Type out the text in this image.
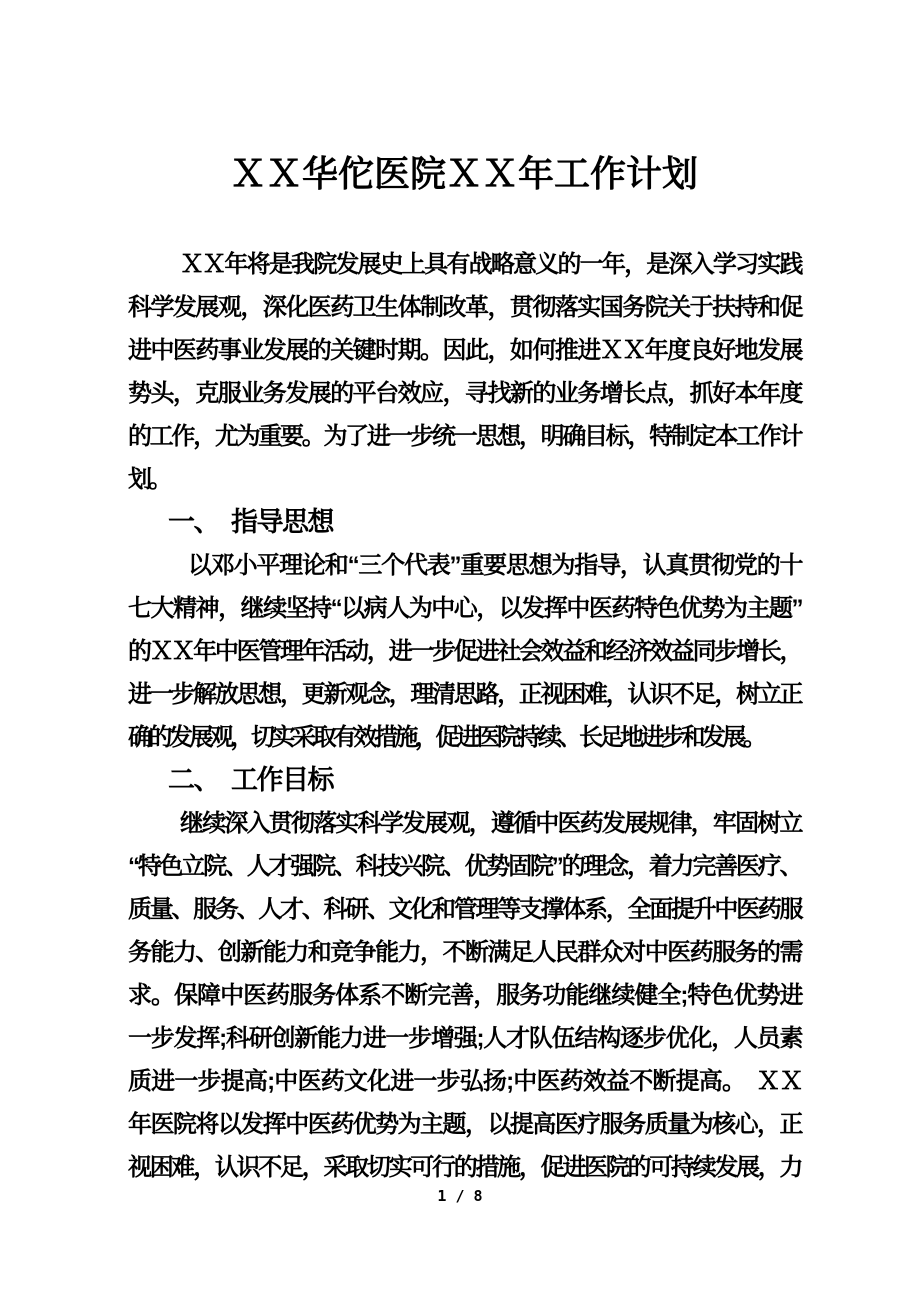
ＸＸ华佗医院ＸＸ年工作计划
ＸＸ年将是我院发展史上具有战略意义的一年，是深入学习实践
科学发展观，深化医药卫生体制改革，贯彻落实国务院关于扶持和促
进中医药事业发展的关键时期。因此，如何推进ＸＸ年度良好地发展
势头，克服业务发展的平台效应，寻找新的业务增长点，抓好本年度
的工作，尤为重要。为了进一步统一思想，明确目标，特制定本工作计
划。
一、　指导思想
以邓小平理论和“三个代表”重要思想为指导，认真贯彻党的十
七大精神，继续坚持“以病人为中心，以发挥中医药特色优势为主题”
的ＸＸ年中医管理年活动，进一步促进社会效益和经济效益同步增长，
进一步解放思想，更新观念，理清思路，正视困难，认识不足，树立正
确的发展观，切实采取有效措施，促进医院持续、长足地进步和发展。
二、　工作目标
继续深入贯彻落实科学发展观，遵循中医药发展规律，牢固树立
“特色立院、人才强院、科技兴院、优势固院”的理念，着力完善医疗、
质量、服务、人才、科研、文化和管理等支撑体系，全面提升中医药服
务能力、创新能力和竞争能力，不断满足人民群众对中医药服务的需
求。保障中医药服务体系不断完善，服务功能继续健全;特色优势进
一步发挥;科研创新能力进一步增强;人才队伍结构逐步优化，人员素
质进一步提高;中医药文化进一步弘扬;中医药效益不断提高。　ＸＸ
年医院将以发挥中医药优势为主题，以提高医疗服务质量为核心，正
视困难，认识不足，采取切实可行的措施，促进医院的可持续发展，力
1 / 8
